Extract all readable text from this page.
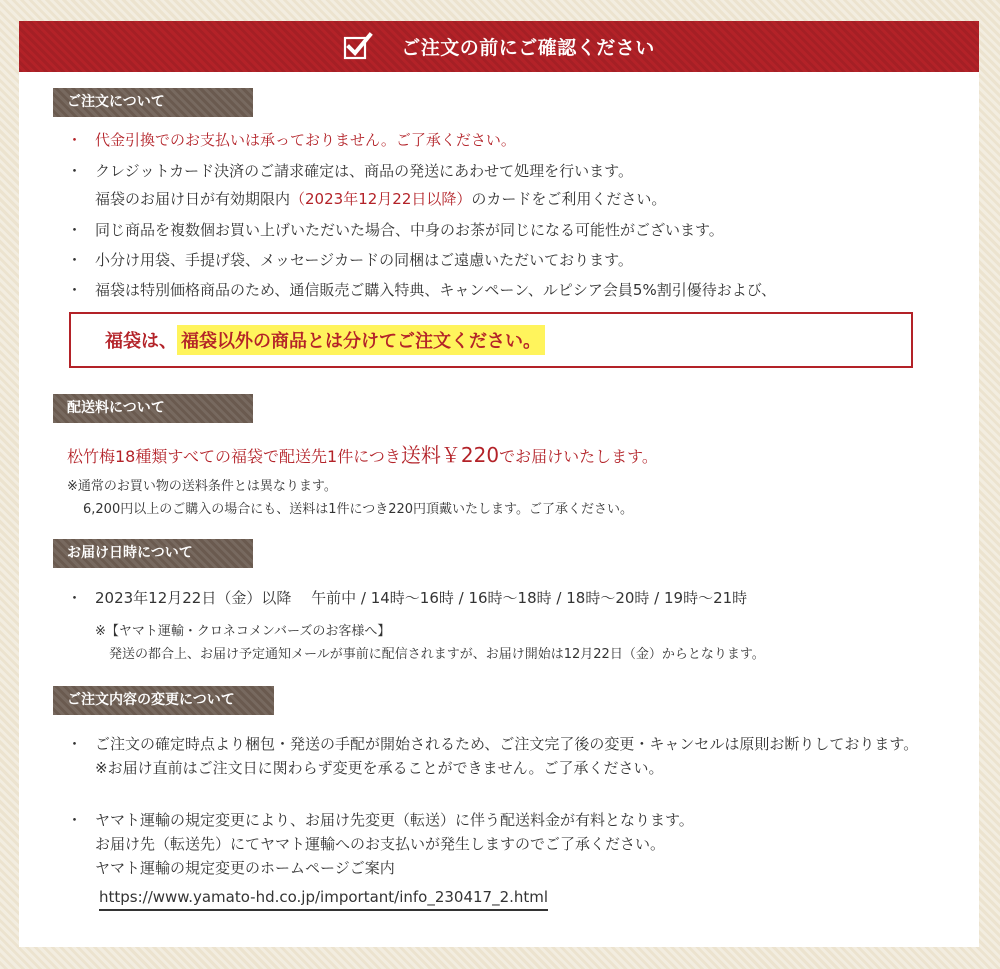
ご注文の前にご確認ください
ご注文について
・ 代金引換でのお支払いは承っておりません。ご了承ください。
・ クレジットカード決済のご請求確定は、商品の発送にあわせて処理を行います。
福袋のお届け日が有効期限内（2023年12月22日以降）のカードをご利用ください。
・ 同じ商品を複数個お買い上げいただいた場合、中身のお茶が同じになる可能性がございます。
・ 小分け用袋、手提げ袋、メッセージカードの同梱はご遠慮いただいております。
・ 福袋は特別価格商品のため、通信販売ご購入特典、キャンペーン、ルピシア会員5%割引優待および、
福袋は、 福袋以外の商品とは分けてご注文ください。
配送料について
松竹梅18種類すべての福袋で配送先1件につき送料￥220でお届けいたします。
※通常のお買い物の送料条件とは異なります。
6,200円以上のご購入の場合にも、送料は1件につき220円頂戴いたします。ご了承ください。
お届け日時について
・ 2023年12月22日（金）以降　 午前中 / 14時～16時 / 16時～18時 / 18時～20時 / 19時～21時
※【ヤマト運輸・クロネコメンバーズのお客様へ】
発送の都合上、お届け予定通知メールが事前に配信されますが、お届け開始は12月22日（金）からとなります。
ご注文内容の変更について
・ ご注文の確定時点より梱包・発送の手配が開始されるため、ご注文完了後の変更・キャンセルは原則お断りしております。
※お届け直前はご注文日に関わらず変更を承ることができません。ご了承ください。
・ ヤマト運輸の規定変更により、お届け先変更（転送）に伴う配送料金が有料となります。
お届け先（転送先）にてヤマト運輸へのお支払いが発生しますのでご了承ください。
ヤマト運輸の規定変更のホームページご案内
https://www.yamato-hd.co.jp/important/info_230417_2.html
